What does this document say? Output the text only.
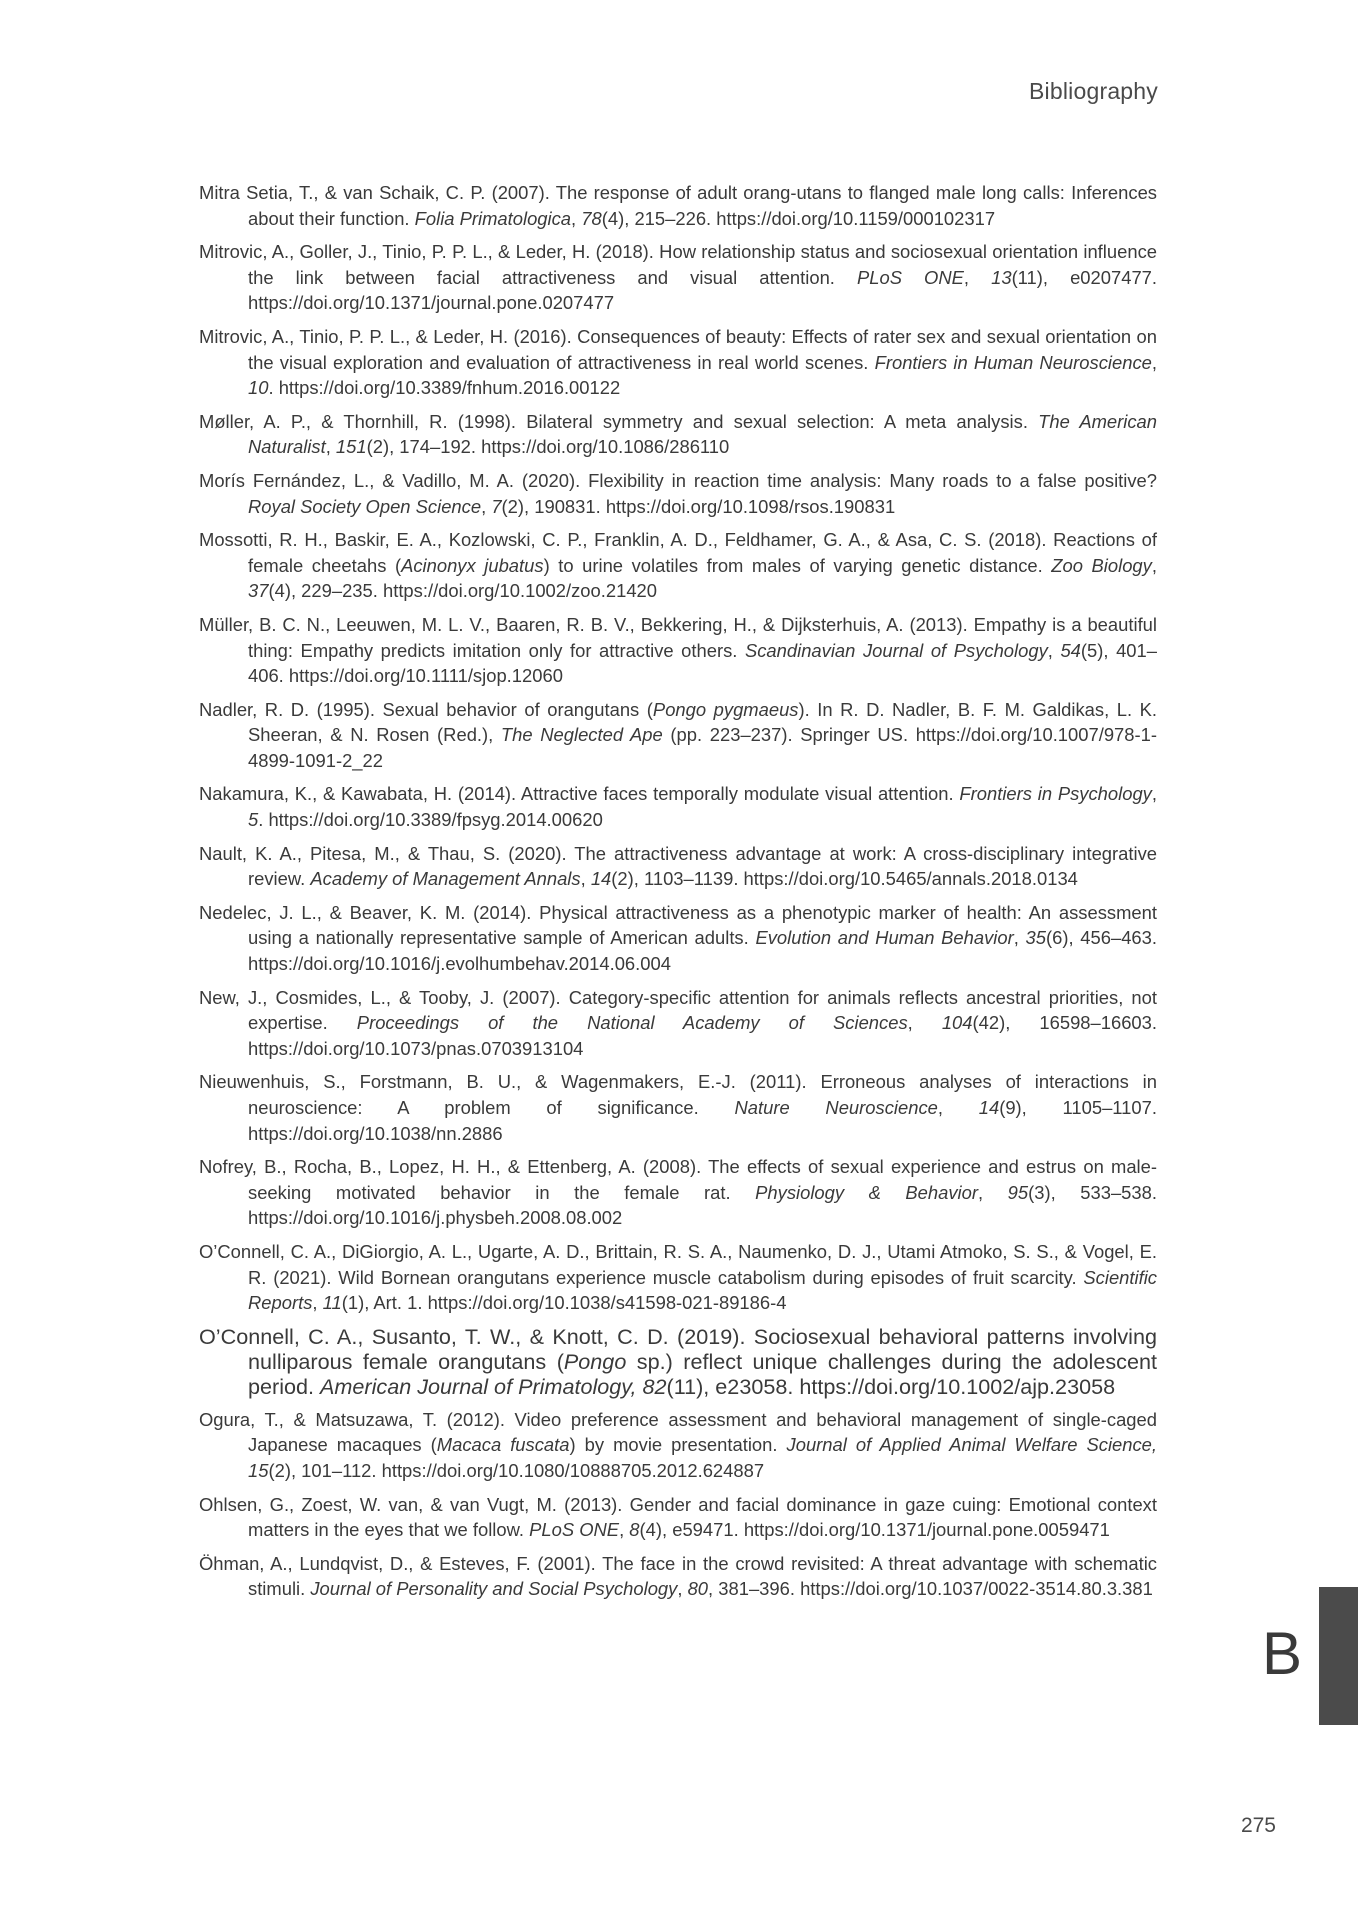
Bibliography

Mitra Setia, T., & van Schaik, C. P. (2007). The response of adult orang-utans to flanged male long calls: Inferences about their function. Folia Primatologica, 78(4), 215–226. https://doi.org/10.1159/000102317

Mitrovic, A., Goller, J., Tinio, P. P. L., & Leder, H. (2018). How relationship status and sociosexual orientation influence the link between facial attractiveness and visual attention. PLoS ONE, 13(11), e0207477. https://doi.org/10.1371/journal.pone.0207477

Mitrovic, A., Tinio, P. P. L., & Leder, H. (2016). Consequences of beauty: Effects of rater sex and sexual orientation on the visual exploration and evaluation of attractiveness in real world scenes. Frontiers in Human Neuroscience, 10. https://doi.org/10.3389/fnhum.2016.00122

Møller, A. P., & Thornhill, R. (1998). Bilateral symmetry and sexual selection: A meta analysis. The American Naturalist, 151(2), 174–192. https://doi.org/10.1086/286110

Morís Fernández, L., & Vadillo, M. A. (2020). Flexibility in reaction time analysis: Many roads to a false positive? Royal Society Open Science, 7(2), 190831. https://doi.org/10.1098/rsos.190831

Mossotti, R. H., Baskir, E. A., Kozlowski, C. P., Franklin, A. D., Feldhamer, G. A., & Asa, C. S. (2018). Reactions of female cheetahs (Acinonyx jubatus) to urine volatiles from males of varying genetic distance. Zoo Biology, 37(4), 229–235. https://doi.org/10.1002/zoo.21420

Müller, B. C. N., Leeuwen, M. L. V., Baaren, R. B. V., Bekkering, H., & Dijksterhuis, A. (2013). Empathy is a beautiful thing: Empathy predicts imitation only for attractive others. Scandinavian Journal of Psychology, 54(5), 401–406. https://doi.org/10.1111/sjop.12060

Nadler, R. D. (1995). Sexual behavior of orangutans (Pongo pygmaeus). In R. D. Nadler, B. F. M. Galdikas, L. K. Sheeran, & N. Rosen (Red.), The Neglected Ape (pp. 223–237). Springer US. https://doi.org/10.1007/978-1-4899-1091-2_22

Nakamura, K., & Kawabata, H. (2014). Attractive faces temporally modulate visual attention. Frontiers in Psychology, 5. https://doi.org/10.3389/fpsyg.2014.00620

Nault, K. A., Pitesa, M., & Thau, S. (2020). The attractiveness advantage at work: A cross-disciplinary integrative review. Academy of Management Annals, 14(2), 1103–1139. https://doi.org/10.5465/annals.2018.0134

Nedelec, J. L., & Beaver, K. M. (2014). Physical attractiveness as a phenotypic marker of health: An assessment using a nationally representative sample of American adults. Evolution and Human Behavior, 35(6), 456–463. https://doi.org/10.1016/j.evolhumbehav.2014.06.004

New, J., Cosmides, L., & Tooby, J. (2007). Category-specific attention for animals reflects ancestral priorities, not expertise. Proceedings of the National Academy of Sciences, 104(42), 16598–16603. https://doi.org/10.1073/pnas.0703913104

Nieuwenhuis, S., Forstmann, B. U., & Wagenmakers, E.-J. (2011). Erroneous analyses of interactions in neuroscience: A problem of significance. Nature Neuroscience, 14(9), 1105–1107. https://doi.org/10.1038/nn.2886

Nofrey, B., Rocha, B., Lopez, H. H., & Ettenberg, A. (2008). The effects of sexual experience and estrus on male-seeking motivated behavior in the female rat. Physiology & Behavior, 95(3), 533–538. https://doi.org/10.1016/j.physbeh.2008.08.002

O’Connell, C. A., DiGiorgio, A. L., Ugarte, A. D., Brittain, R. S. A., Naumenko, D. J., Utami Atmoko, S. S., & Vogel, E. R. (2021). Wild Bornean orangutans experience muscle catabolism during episodes of fruit scarcity. Scientific Reports, 11(1), Art. 1. https://doi.org/10.1038/s41598-021-89186-4

O’Connell, C. A., Susanto, T. W., & Knott, C. D. (2019). Sociosexual behavioral patterns involving nulliparous female orangutans (Pongo sp.) reflect unique challenges during the adolescent period. American Journal of Primatology, 82(11), e23058. https://doi.org/10.1002/ajp.23058

Ogura, T., & Matsuzawa, T. (2012). Video preference assessment and behavioral management of single-caged Japanese macaques (Macaca fuscata) by movie presentation. Journal of Applied Animal Welfare Science, 15(2), 101–112. https://doi.org/10.1080/10888705.2012.624887

Ohlsen, G., Zoest, W. van, & van Vugt, M. (2013). Gender and facial dominance in gaze cuing: Emotional context matters in the eyes that we follow. PLoS ONE, 8(4), e59471. https://doi.org/10.1371/journal.pone.0059471

Öhman, A., Lundqvist, D., & Esteves, F. (2001). The face in the crowd revisited: A threat advantage with schematic stimuli. Journal of Personality and Social Psychology, 80, 381–396. https://doi.org/10.1037/0022-3514.80.3.381

B
275
